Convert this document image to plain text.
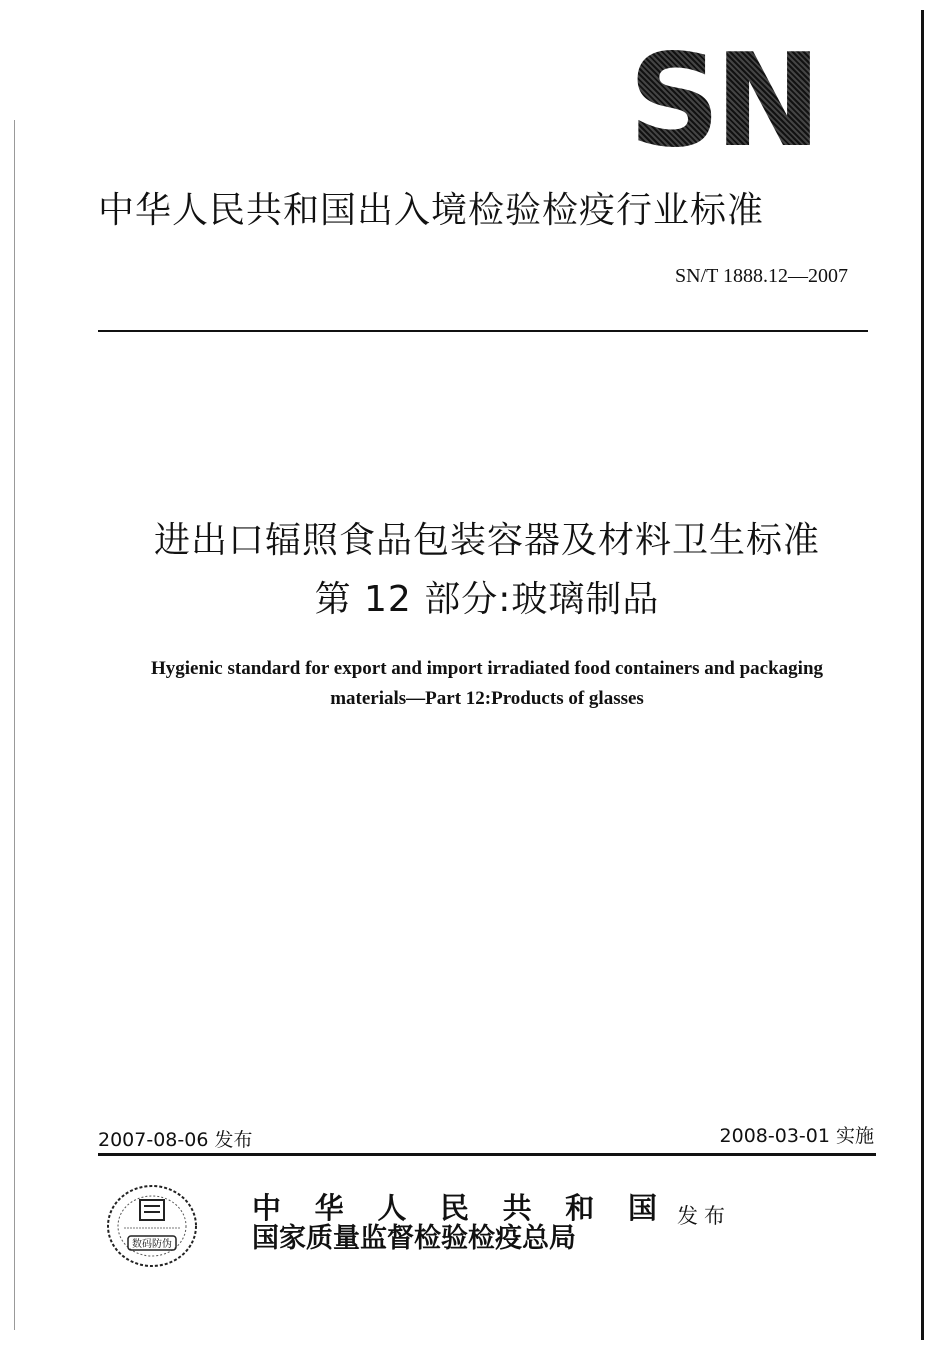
SN
中华人民共和国出入境检验检疫行业标准
SN/T 1888.12—2007
进出口辐照食品包装容器及材料卫生标准
第 12 部分:玻璃制品
Hygienic standard for export and import irradiated food containers and packaging
materials—Part 12:Products of glasses
2007-08-06 发布	2008-03-01 实施
数码防伪
中 华 人 民 共 和 国
国家质量监督检验检疫总局
发布
